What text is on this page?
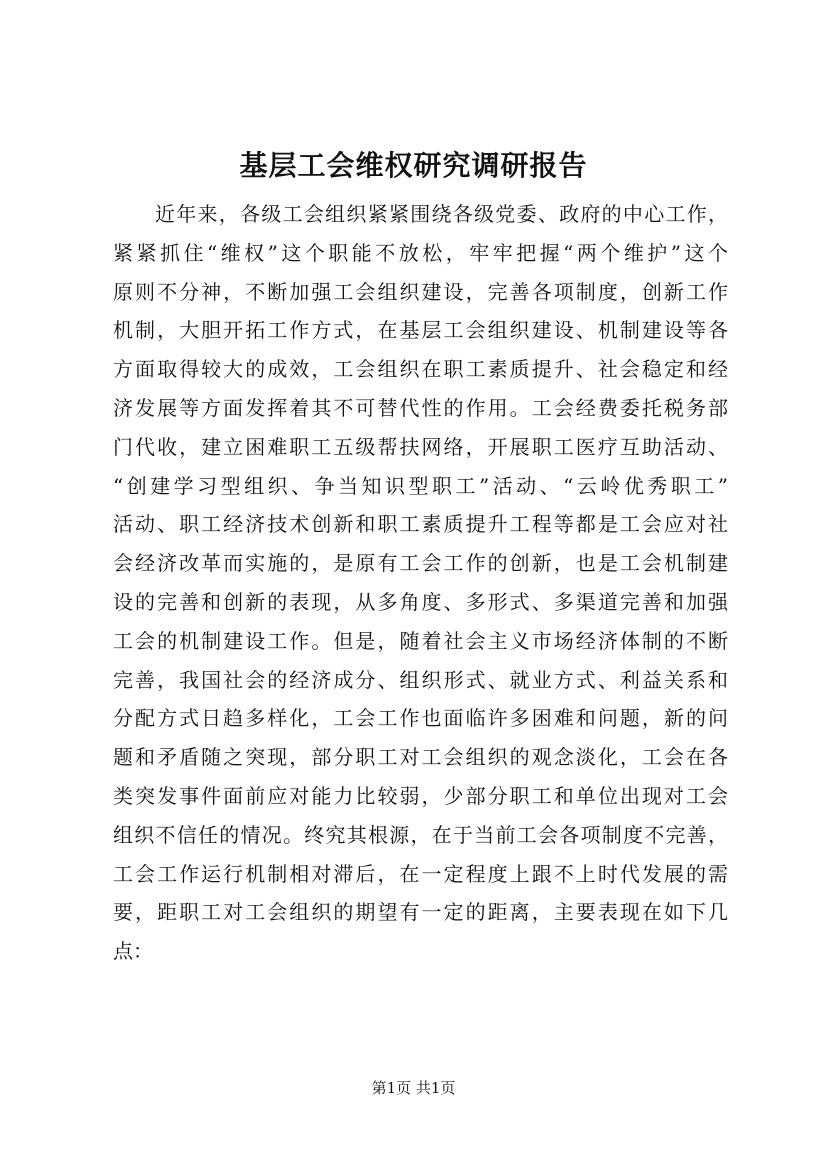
基层工会维权研究调研报告
近年来，各级工会组织紧紧围绕各级党委、政府的中心工作，
紧紧抓住“维权”这个职能不放松，牢牢把握“两个维护”这个
原则不分神，不断加强工会组织建设，完善各项制度，创新工作
机制，大胆开拓工作方式，在基层工会组织建设、机制建设等各
方面取得较大的成效，工会组织在职工素质提升、社会稳定和经
济发展等方面发挥着其不可替代性的作用。工会经费委托税务部
门代收，建立困难职工五级帮扶网络，开展职工医疗互助活动、
“创建学习型组织、争当知识型职工”活动、“云岭优秀职工”
活动、职工经济技术创新和职工素质提升工程等都是工会应对社
会经济改革而实施的，是原有工会工作的创新，也是工会机制建
设的完善和创新的表现，从多角度、多形式、多渠道完善和加强
工会的机制建设工作。但是，随着社会主义市场经济体制的不断
完善，我国社会的经济成分、组织形式、就业方式、利益关系和
分配方式日趋多样化，工会工作也面临许多困难和问题，新的问
题和矛盾随之突现，部分职工对工会组织的观念淡化，工会在各
类突发事件面前应对能力比较弱，少部分职工和单位出现对工会
组织不信任的情况。终究其根源，在于当前工会各项制度不完善，
工会工作运行机制相对滞后，在一定程度上跟不上时代发展的需
要，距职工对工会组织的期望有一定的距离，主要表现在如下几
点：
第1页 共1页
